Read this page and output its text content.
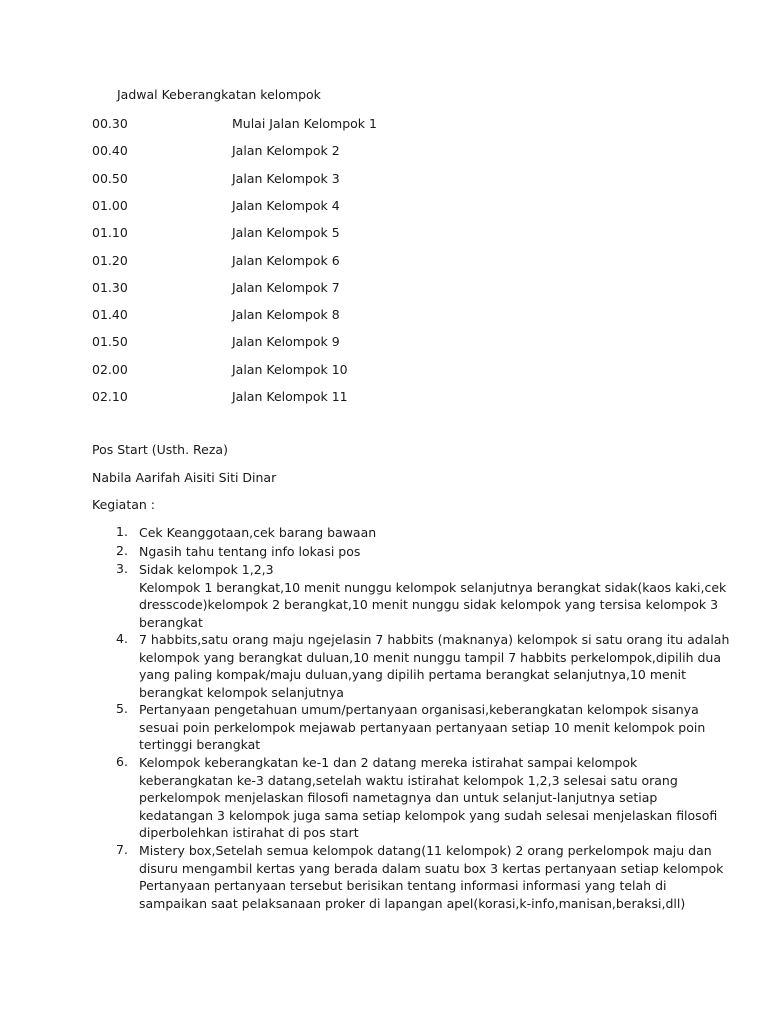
Jadwal Keberangkatan kelompok
00.30	Mulai Jalan Kelompok 1
00.40	Jalan Kelompok 2
00.50	Jalan Kelompok 3
01.00	Jalan Kelompok 4
01.10	Jalan Kelompok 5
01.20	Jalan Kelompok 6
01.30	Jalan Kelompok 7
01.40	Jalan Kelompok 8
01.50	Jalan Kelompok 9
02.00	Jalan Kelompok 10
02.10	Jalan Kelompok 11
Pos Start (Usth. Reza)
Nabila Aarifah Aisiti Siti Dinar
Kegiatan :
1. Cek Keanggotaan,cek barang bawaan
2. Ngasih tahu tentang info lokasi pos
3. Sidak kelompok 1,2,3
Kelompok 1 berangkat,10 menit nunggu kelompok selanjutnya berangkat sidak(kaos kaki,cek
dresscode)kelompok 2 berangkat,10 menit nunggu sidak kelompok yang tersisa kelompok 3
berangkat
4. 7 habbits,satu orang maju ngejelasin 7 habbits (maknanya) kelompok si satu orang itu adalah
kelompok yang berangkat duluan,10 menit nunggu tampil 7 habbits perkelompok,dipilih dua
yang paling kompak/maju duluan,yang dipilih pertama berangkat selanjutnya,10 menit
berangkat kelompok selanjutnya
5. Pertanyaan pengetahuan umum/pertanyaan organisasi,keberangkatan kelompok sisanya
sesuai poin perkelompok mejawab pertanyaan pertanyaan setiap 10 menit kelompok poin
tertinggi berangkat
6. Kelompok keberangkatan ke-1 dan 2 datang mereka istirahat sampai kelompok
keberangkatan ke-3 datang,setelah waktu istirahat kelompok 1,2,3 selesai satu orang
perkelompok menjelaskan filosofi nametagnya dan untuk selanjut-lanjutnya setiap
kedatangan 3 kelompok juga sama setiap kelompok yang sudah selesai menjelaskan filosofi
diperbolehkan istirahat di pos start
7. Mistery box,Setelah semua kelompok datang(11 kelompok) 2 orang perkelompok maju dan
disuru mengambil kertas yang berada dalam suatu box 3 kertas pertanyaan setiap kelompok
Pertanyaan pertanyaan tersebut berisikan tentang informasi informasi yang telah di
sampaikan saat pelaksanaan proker di lapangan apel(korasi,k-info,manisan,beraksi,dll)
